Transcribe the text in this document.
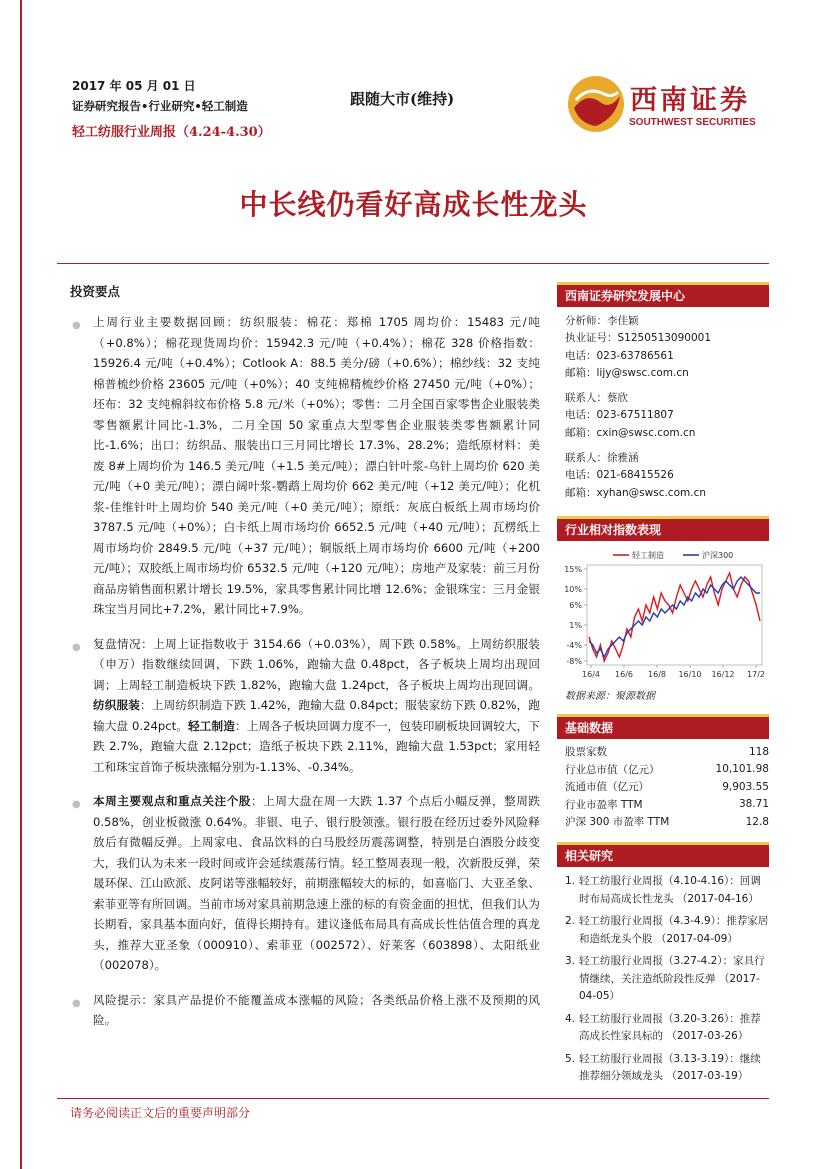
2017 年 05 月 01 日
证券研究报告•行业研究•轻工制造
轻工纺服行业周报（4.24-4.30）
跟随大市(维持)	西南证券
SOUTHWEST SECURITIES
中长线仍看好高成长性龙头
投资要点
● 上周行业主要数据回顾：纺织服装：棉花：郑棉 1705 周均价：15483 元/吨（+0.8%）；棉花现货周均价：15942.3 元/吨（+0.4%）；棉花 328 价格指数：15926.4 元/吨（+0.4%）；Cotlook A：88.5 美分/磅（+0.6%）；棉纱线：32 支纯棉普梳纱价格 23605 元/吨（+0%）；40 支纯棉精梳纱价格 27450 元/吨（+0%）；坯布：32 支纯棉斜纹布价格 5.8 元/米（+0%）；零售：二月全国百家零售企业服装类零售额累计同比-1.3%，二月全国 50 家重点大型零售企业服装类零售额累计同比-1.6%；出口：纺织品、服装出口三月同比增长 17.3%、28.2%；造纸原材料：美废 8#上周均价为 146.5 美元/吨（+1.5 美元/吨）；漂白针叶浆-乌针上周均价 620 美元/吨（+0 美元/吨）；漂白阔叶浆-鹦鹉上周均价 662 美元/吨（+12 美元/吨）；化机浆-佳维针叶上周均价 540 美元/吨（+0 美元/吨）；原纸：灰底白板纸上周市场均价 3787.5 元/吨（+0%）；白卡纸上周市场均价 6652.5 元/吨（+40 元/吨）；瓦楞纸上周市场均价 2849.5 元/吨（+37 元/吨）；铜版纸上周市场均价 6600 元/吨（+200 元/吨）；双胶纸上周市场均价 6532.5 元/吨（+120 元/吨）；房地产及家装：前三月份商品房销售面积累计增长 19.5%，家具零售累计同比增 12.6%；金银珠宝：三月金银珠宝当月同比+7.2%，累计同比+7.9%。
● 复盘情况：上周上证指数收于 3154.66（+0.03%），周下跌 0.58%。上周纺织服装（申万）指数继续回调，下跌 1.06%，跑输大盘 0.48pct，各子板块上周均出现回调；上周轻工制造板块下跌 1.82%，跑输大盘 1.24pct，各子板块上周均出现回调。纺织服装：上周纺织制造下跌 1.42%，跑输大盘 0.84pct；服装家纺下跌 0.82%，跑输大盘 0.24pct。轻工制造：上周各子板块回调力度不一，包装印刷板块回调较大，下跌 2.7%，跑输大盘 2.12pct；造纸子板块下跌 2.11%，跑输大盘 1.53pct；家用轻工和珠宝首饰子板块涨幅分别为-1.13%、-0.34%。
● 本周主要观点和重点关注个股：上周大盘在周一大跌 1.37 个点后小幅反弹，整周跌 0.58%，创业板微涨 0.64%。非银、电子、银行股领涨。银行股在经历过委外风险释放后有微幅反弹。上周家电、食品饮料的白马股经历震荡调整，特别是白酒股分歧变大，我们认为未来一段时间或许会延续震荡行情。轻工整周表现一般，次新股反弹，荣晟环保、江山欧派、皮阿诺等涨幅较好，前期涨幅较大的标的，如喜临门、大亚圣象、索菲亚等有所回调。当前市场对家具前期急速上涨的标的有资金面的担忧，但我们认为长期看，家具基本面向好，值得长期持有。建议逢低布局具有高成长性估值合理的真龙头，推荐大亚圣象（000910）、索菲亚（002572）、好莱客（603898）、太阳纸业（002078）。
● 风险提示：家具产品提价不能覆盖成本涨幅的风险；各类纸品价格上涨不及预期的风险。
西南证券研究发展中心
分析师：李佳颖
执业证号：S1250513090001
电话：023-63786561
邮箱：lijy@swsc.com.cn
联系人：蔡欣
电话：023-67511807
邮箱：cxin@swsc.com.cn
联系人：徐雅涵
电话：021-68415526
邮箱：xyhan@swsc.com.cn
行业相对指数表现
15%
10%
6%
1%
-4%
-8%
16/4 16/6 16/8 16/10 16/12 17/2
轻工制造	沪深300
数据来源：聚源数据
基础数据
股票家数	118
行业总市值（亿元）	10,101.98
流通市值（亿元）	9,903.55
行业市盈率 TTM	38.71
沪深 300 市盈率 TTM	12.8
相关研究
1. 轻工纺服行业周报（4.10-4.16）：回调时布局高成长性龙头 （2017-04-16）
2. 轻工纺服行业周报（4.3-4.9）：推荐家居和造纸龙头个股 （2017-04-09）
3. 轻工纺服行业周报（3.27-4.2）：家具行情继续，关注造纸阶段性反弹 （2017-04-05）
4. 轻工纺服行业周报（3.20-3.26）：推荐高成长性家具标的 （2017-03-26）
5. 轻工纺服行业周报（3.13-3.19）：继续推荐细分领域龙头 （2017-03-19）
请务必阅读正文后的重要声明部分
